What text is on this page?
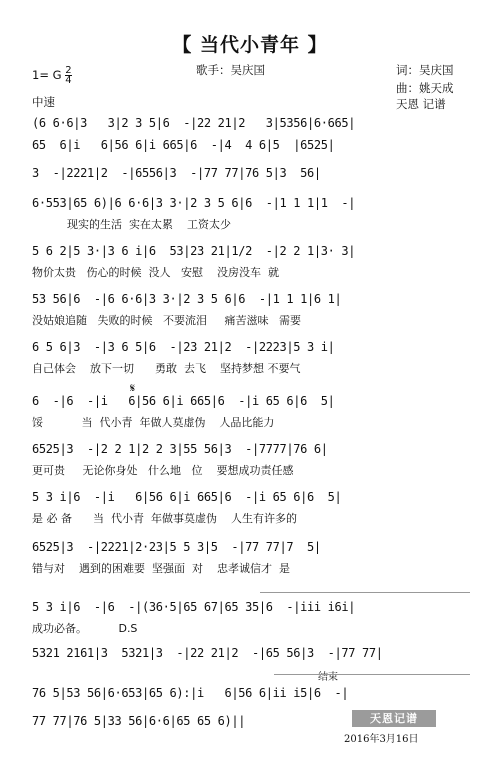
【 当代小青年 】
歌手：吴庆国	词：吴庆国
曲：姚天成
天恩 记谱
1= G $\frac{2}{4}$
中速
(6 6·6|3   3|2 3 5|6  -|22 21|2   3|5356|6·665|
65  6|i   6|56 6|i 665|6  -|4  4 6|5  |6525|
3  -|2221|2  -|6556|3  -|77 77|76 5|3  56|
6·553|65 6)|6 6·6|3 3·|2 3 5 6|6  -|1 1 1|1  -|
现实的生活  实在太累    工资太少
5 6 2|5 3·|3 6 i|6  53|23 21|1/2  -|2 2 1|3· 3|
物价太贵   伤心的时候  没人   安慰    没房没车  就
53 56|6  -|6 6·6|3 3·|2 3 5 6|6  -|1 1 1|6 1|
没姑娘追随   失败的时候   不要流泪     痛苦滋味   需要
6 5 6|3  -|3 6 5|6  -|23 21|2  -|2223|5 3 i|
自己体会    放下一切      勇敢  去飞    坚持梦想 不要气
𝄋
6  -|6  -|i   6|56 6|i 665|6  -|i 65 6|6  5|
馁           当  代小青  年做人莫虚伪    人品比能力
6525|3  -|2 2 1|2 2 3|55 56|3  -|7777|76 6|
更可贵     无论你身处   什么地   位    要想成功责任感
5 3 i|6  -|i   6|56 6|i 665|6  -|i 65 6|6  5|
是 必 备      当  代小青  年做事莫虚伪    人生有许多的
6525|3  -|2221|2·23|5 5 3|5  -|77 77|7  5|
错与对    遇到的困难要  坚强面  对    忠孝诚信才  是
5 3 i|6  -|6  -|(36·5|65 67|65 35|6  -|iii i6i|
成功必备。         D.S
5321 2161|3  5321|3  -|22 21|2  -|65 56|3  -|77 77|
结束
76 5|53 56|6·653|65 6):|i   6|56 6|ii i5|6  -|
77 77|76 5|33 56|6·6|65 65 6)||	天恩记谱
2016年3月16日
